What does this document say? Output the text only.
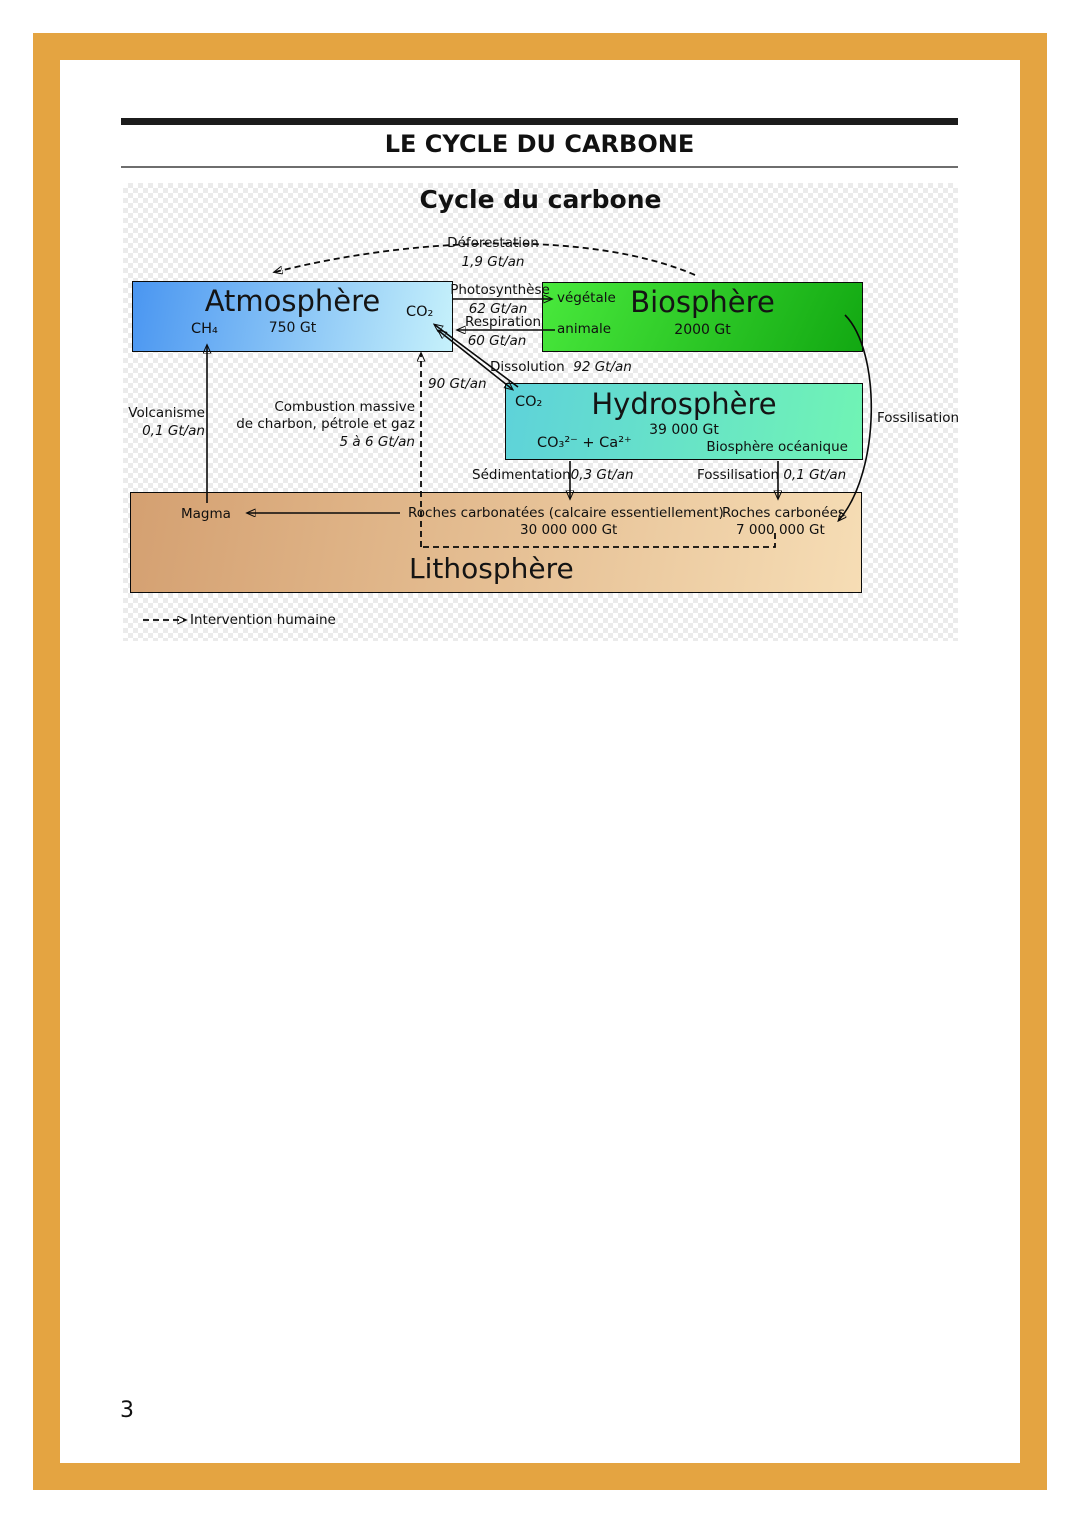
LE CYCLE DU CARBONE
Cycle du carbone
Atmosphère
CH₄	750 Gt
CO₂	Biosphère
végétale
animale	2000 Gt
Hydrosphère
CO₂
39 000 Gt
CO₃²⁻ + Ca²⁺	Biosphère océanique
Magma	Roches carbonatées (calcaire essentiellement)
Roches carbonées
30 000 000 Gt	7 000 000 Gt
Lithosphère
Déforestation
1,9 Gt/an
Photosynthèse
62 Gt/an
Respiration
60 Gt/an
Dissolution 92 Gt/an
90 Gt/an
Volcanisme
0,1 Gt/an
Combustion massive
de charbon, pétrole et gaz
5 à 6 Gt/an
Sédimentation0,3 Gt/an	Fossilisation 0,1 Gt/an
Fossilisation
Intervention humaine
3
